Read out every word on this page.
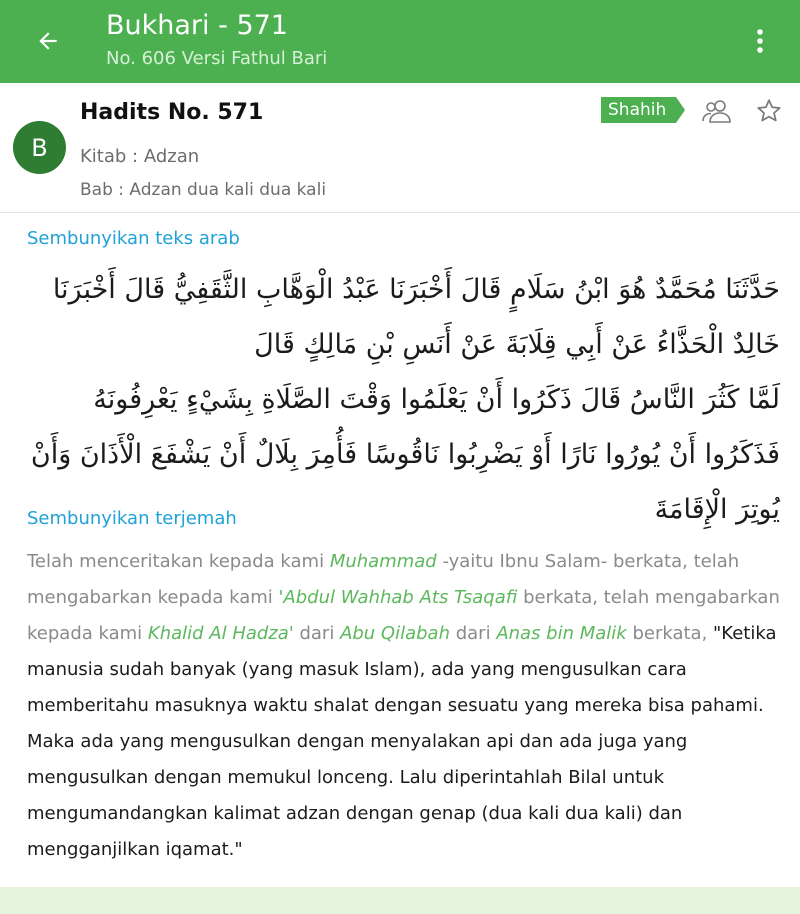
Bukhari - 571
No. 606 Versi Fathul Bari
B
Hadits No. 571
Kitab : Adzan
Bab : Adzan dua kali dua kali
Shahih
Sembunyikan teks arab
حَدَّثَنَا مُحَمَّدٌ هُوَ ابْنُ سَلَامٍ قَالَ أَخْبَرَنَا عَبْدُ الْوَهَّابِ الثَّقَفِيُّ قَالَ أَخْبَرَنَا خَالِدٌ الْحَذَّاءُ عَنْ أَبِي قِلَابَةَ عَنْ أَنَسِ بْنِ مَالِكٍ قَالَ
لَمَّا كَثُرَ النَّاسُ قَالَ ذَكَرُوا أَنْ يَعْلَمُوا وَقْتَ الصَّلَاةِ بِشَيْءٍ يَعْرِفُونَهُ فَذَكَرُوا أَنْ يُورُوا نَارًا أَوْ يَضْرِبُوا نَاقُوسًا فَأُمِرَ بِلَالٌ أَنْ يَشْفَعَ الْأَذَانَ وَأَنْ يُوتِرَ الْإِقَامَةَ
Sembunyikan terjemah
Telah menceritakan kepada kami Muhammad -yaitu Ibnu Salam- berkata, telah mengabarkan kepada kami 'Abdul Wahhab Ats Tsaqafi berkata, telah mengabarkan kepada kami Khalid Al Hadza' dari Abu Qilabah dari Anas bin Malik berkata, "Ketika manusia sudah banyak (yang masuk Islam), ada yang mengusulkan cara memberitahu masuknya waktu shalat dengan sesuatu yang mereka bisa pahami. Maka ada yang mengusulkan dengan menyalakan api dan ada juga yang mengusulkan dengan memukul lonceng. Lalu diperintahlah Bilal untuk mengumandangkan kalimat adzan dengan genap (dua kali dua kali) dan mengganjilkan iqamat."
